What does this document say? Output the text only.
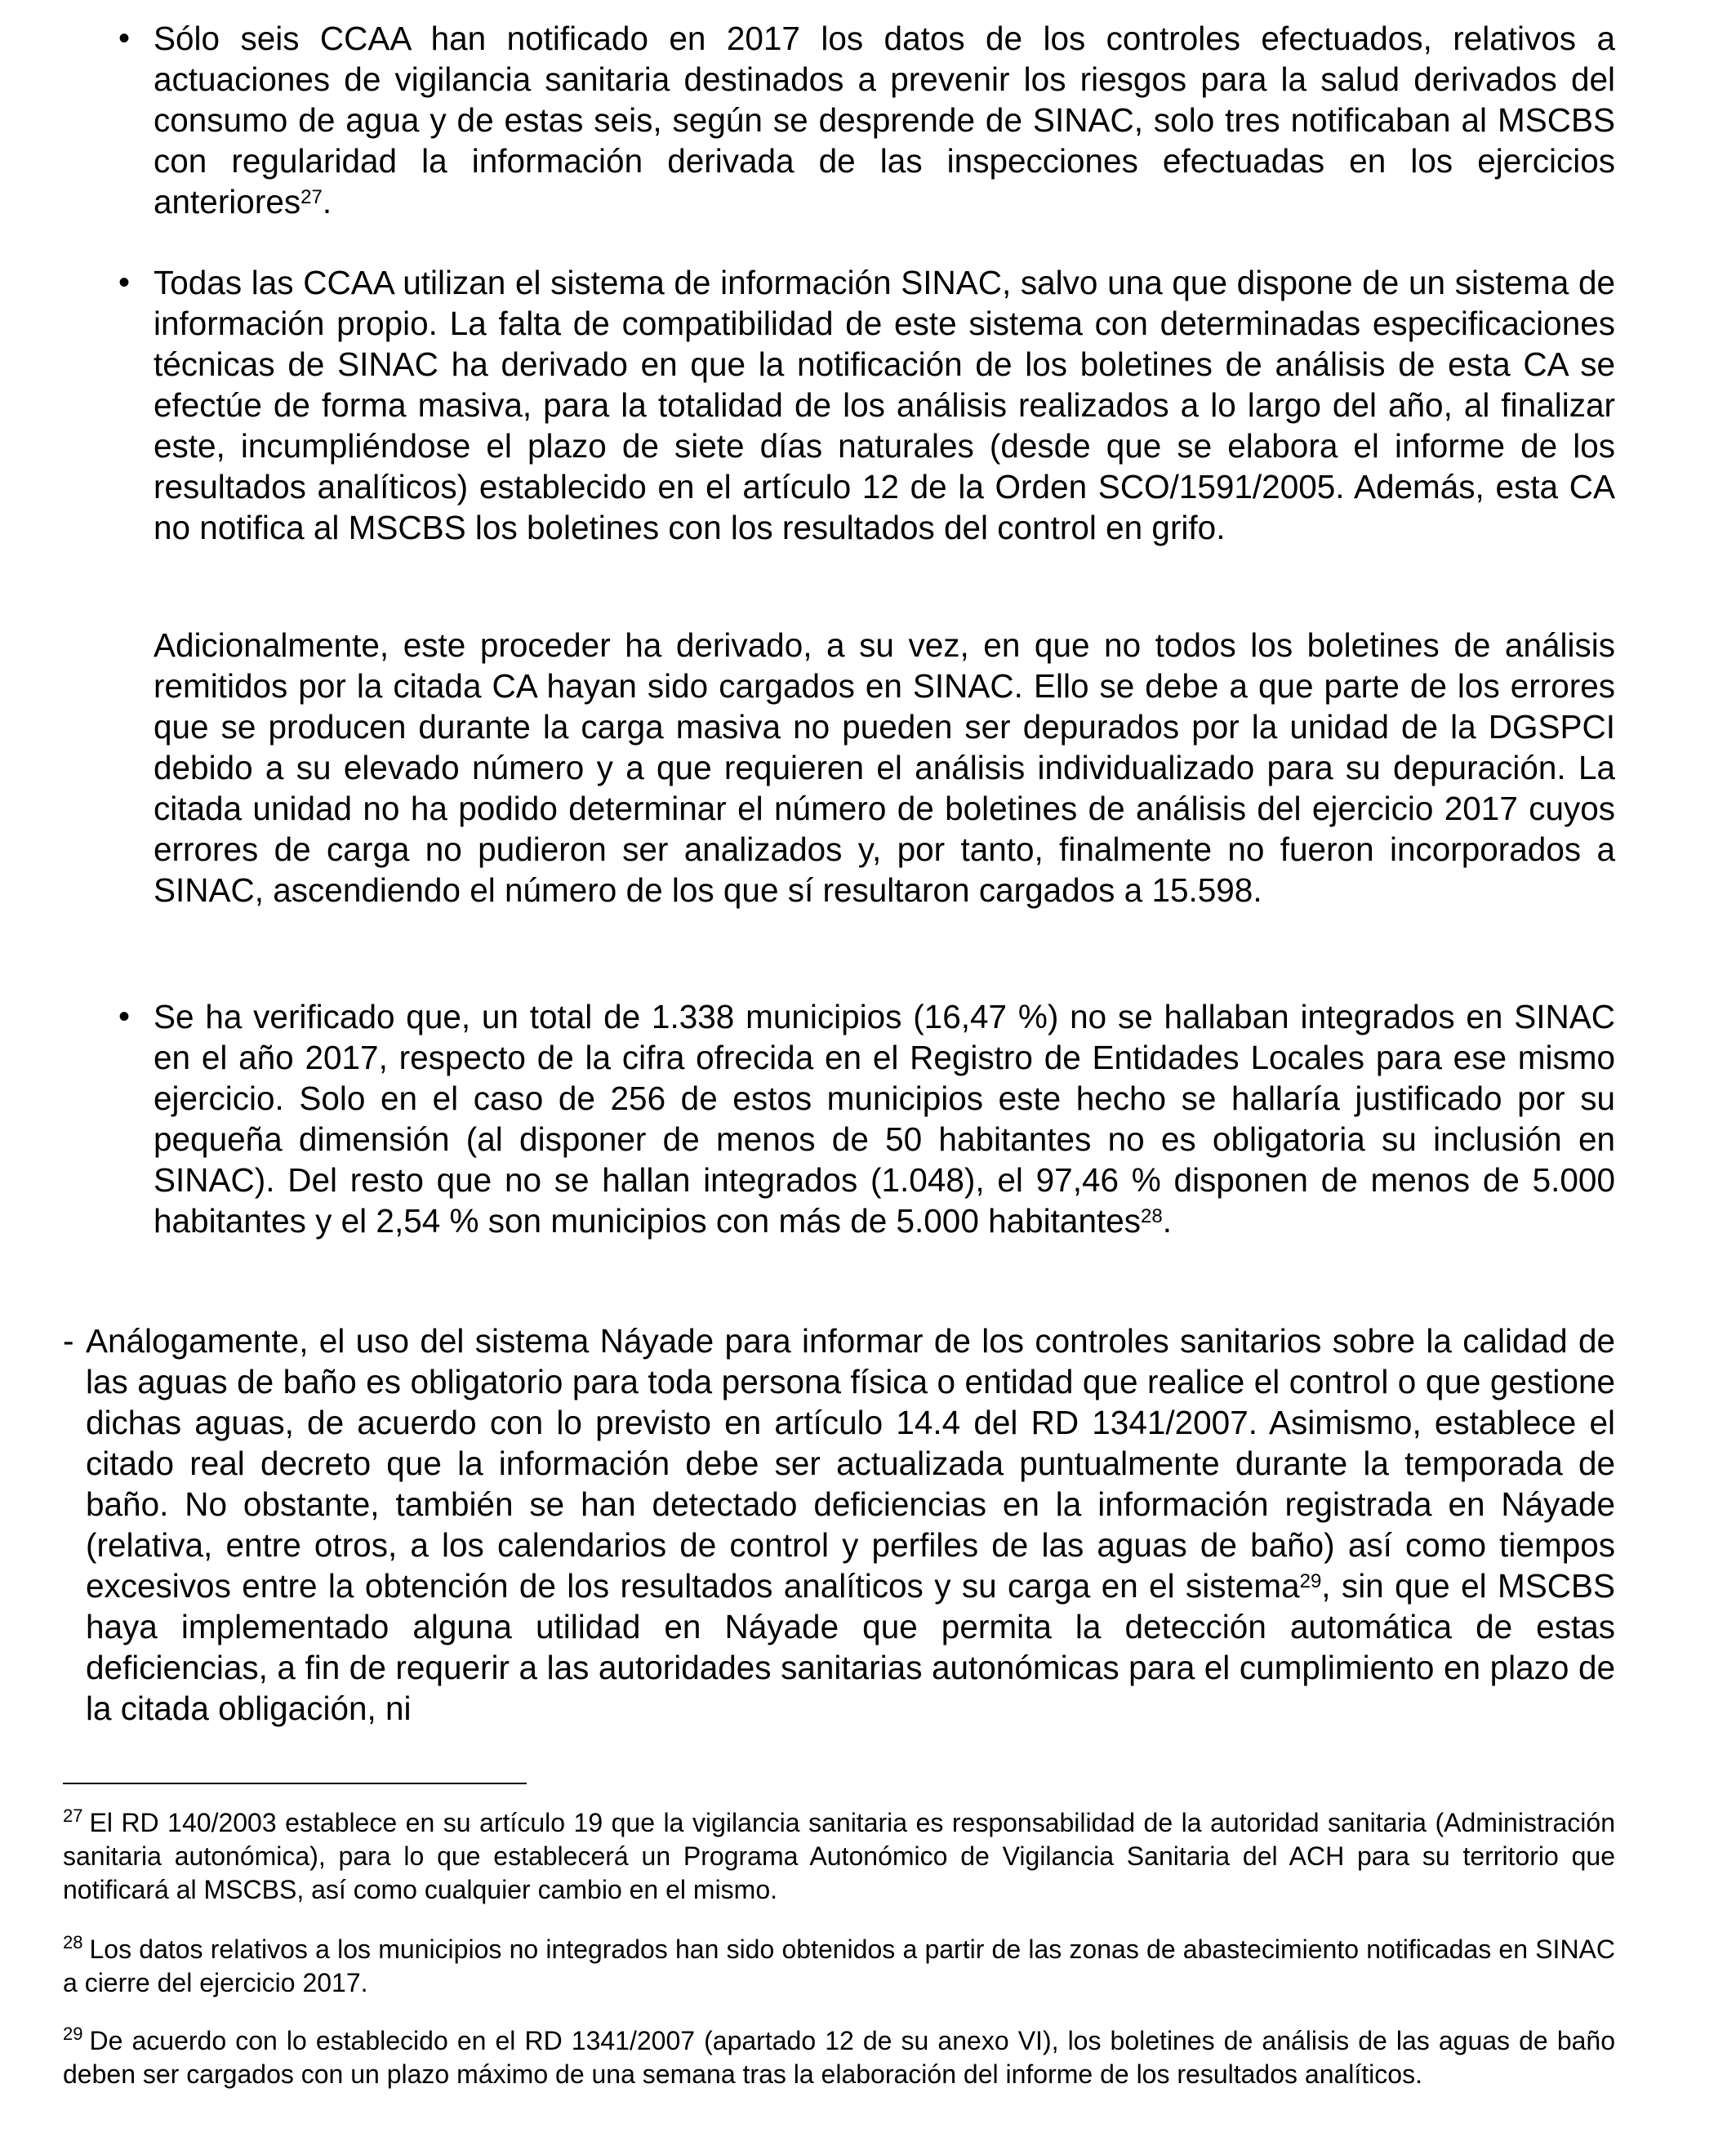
• Sólo seis CCAA han notificado en 2017 los datos de los controles efectuados, relativos a actuaciones de vigilancia sanitaria destinados a prevenir los riesgos para la salud derivados del consumo de agua y de estas seis, según se desprende de SINAC, solo tres notificaban al MSCBS con regularidad la información derivada de las inspecciones efectuadas en los ejercicios anteriores$^{27}$.

• Todas las CCAA utilizan el sistema de información SINAC, salvo una que dispone de un sistema de información propio. La falta de compatibilidad de este sistema con determinadas especificaciones técnicas de SINAC ha derivado en que la notificación de los boletines de análisis de esta CA se efectúe de forma masiva, para la totalidad de los análisis realizados a lo largo del año, al finalizar este, incumpliéndose el plazo de siete días naturales (desde que se elabora el informe de los resultados analíticos) establecido en el artículo 12 de la Orden SCO/1591/2005. Además, esta CA no notifica al MSCBS los boletines con los resultados del control en grifo.

Adicionalmente, este proceder ha derivado, a su vez, en que no todos los boletines de análisis remitidos por la citada CA hayan sido cargados en SINAC. Ello se debe a que parte de los errores que se producen durante la carga masiva no pueden ser depurados por la unidad de la DGSPCI debido a su elevado número y a que requieren el análisis individualizado para su depuración. La citada unidad no ha podido determinar el número de boletines de análisis del ejercicio 2017 cuyos errores de carga no pudieron ser analizados y, por tanto, finalmente no fueron incorporados a SINAC, ascendiendo el número de los que sí resultaron cargados a 15.598.

• Se ha verificado que, un total de 1.338 municipios (16,47 %) no se hallaban integrados en SINAC en el año 2017, respecto de la cifra ofrecida en el Registro de Entidades Locales para ese mismo ejercicio. Solo en el caso de 256 de estos municipios este hecho se hallaría justificado por su pequeña dimensión (al disponer de menos de 50 habitantes no es obligatoria su inclusión en SINAC). Del resto que no se hallan integrados (1.048), el 97,46 % disponen de menos de 5.000 habitantes y el 2,54 % son municipios con más de 5.000 habitantes$^{28}$.

- Análogamente, el uso del sistema Náyade para informar de los controles sanitarios sobre la calidad de las aguas de baño es obligatorio para toda persona física o entidad que realice el control o que gestione dichas aguas, de acuerdo con lo previsto en artículo 14.4 del RD 1341/2007. Asimismo, establece el citado real decreto que la información debe ser actualizada puntualmente durante la temporada de baño. No obstante, también se han detectado deficiencias en la información registrada en Náyade (relativa, entre otros, a los calendarios de control y perfiles de las aguas de baño) así como tiempos excesivos entre la obtención de los resultados analíticos y su carga en el sistema$^{29}$, sin que el MSCBS haya implementado alguna utilidad en Náyade que permita la detección automática de estas deficiencias, a fin de requerir a las autoridades sanitarias autonómicas para el cumplimiento en plazo de la citada obligación, ni

$^{27}$ El RD 140/2003 establece en su artículo 19 que la vigilancia sanitaria es responsabilidad de la autoridad sanitaria (Administración sanitaria autonómica), para lo que establecerá un Programa Autonómico de Vigilancia Sanitaria del ACH para su territorio que notificará al MSCBS, así como cualquier cambio en el mismo.
$^{28}$ Los datos relativos a los municipios no integrados han sido obtenidos a partir de las zonas de abastecimiento notificadas en SINAC a cierre del ejercicio 2017.
$^{29}$ De acuerdo con lo establecido en el RD 1341/2007 (apartado 12 de su anexo VI), los boletines de análisis de las aguas de baño deben ser cargados con un plazo máximo de una semana tras la elaboración del informe de los resultados analíticos.
